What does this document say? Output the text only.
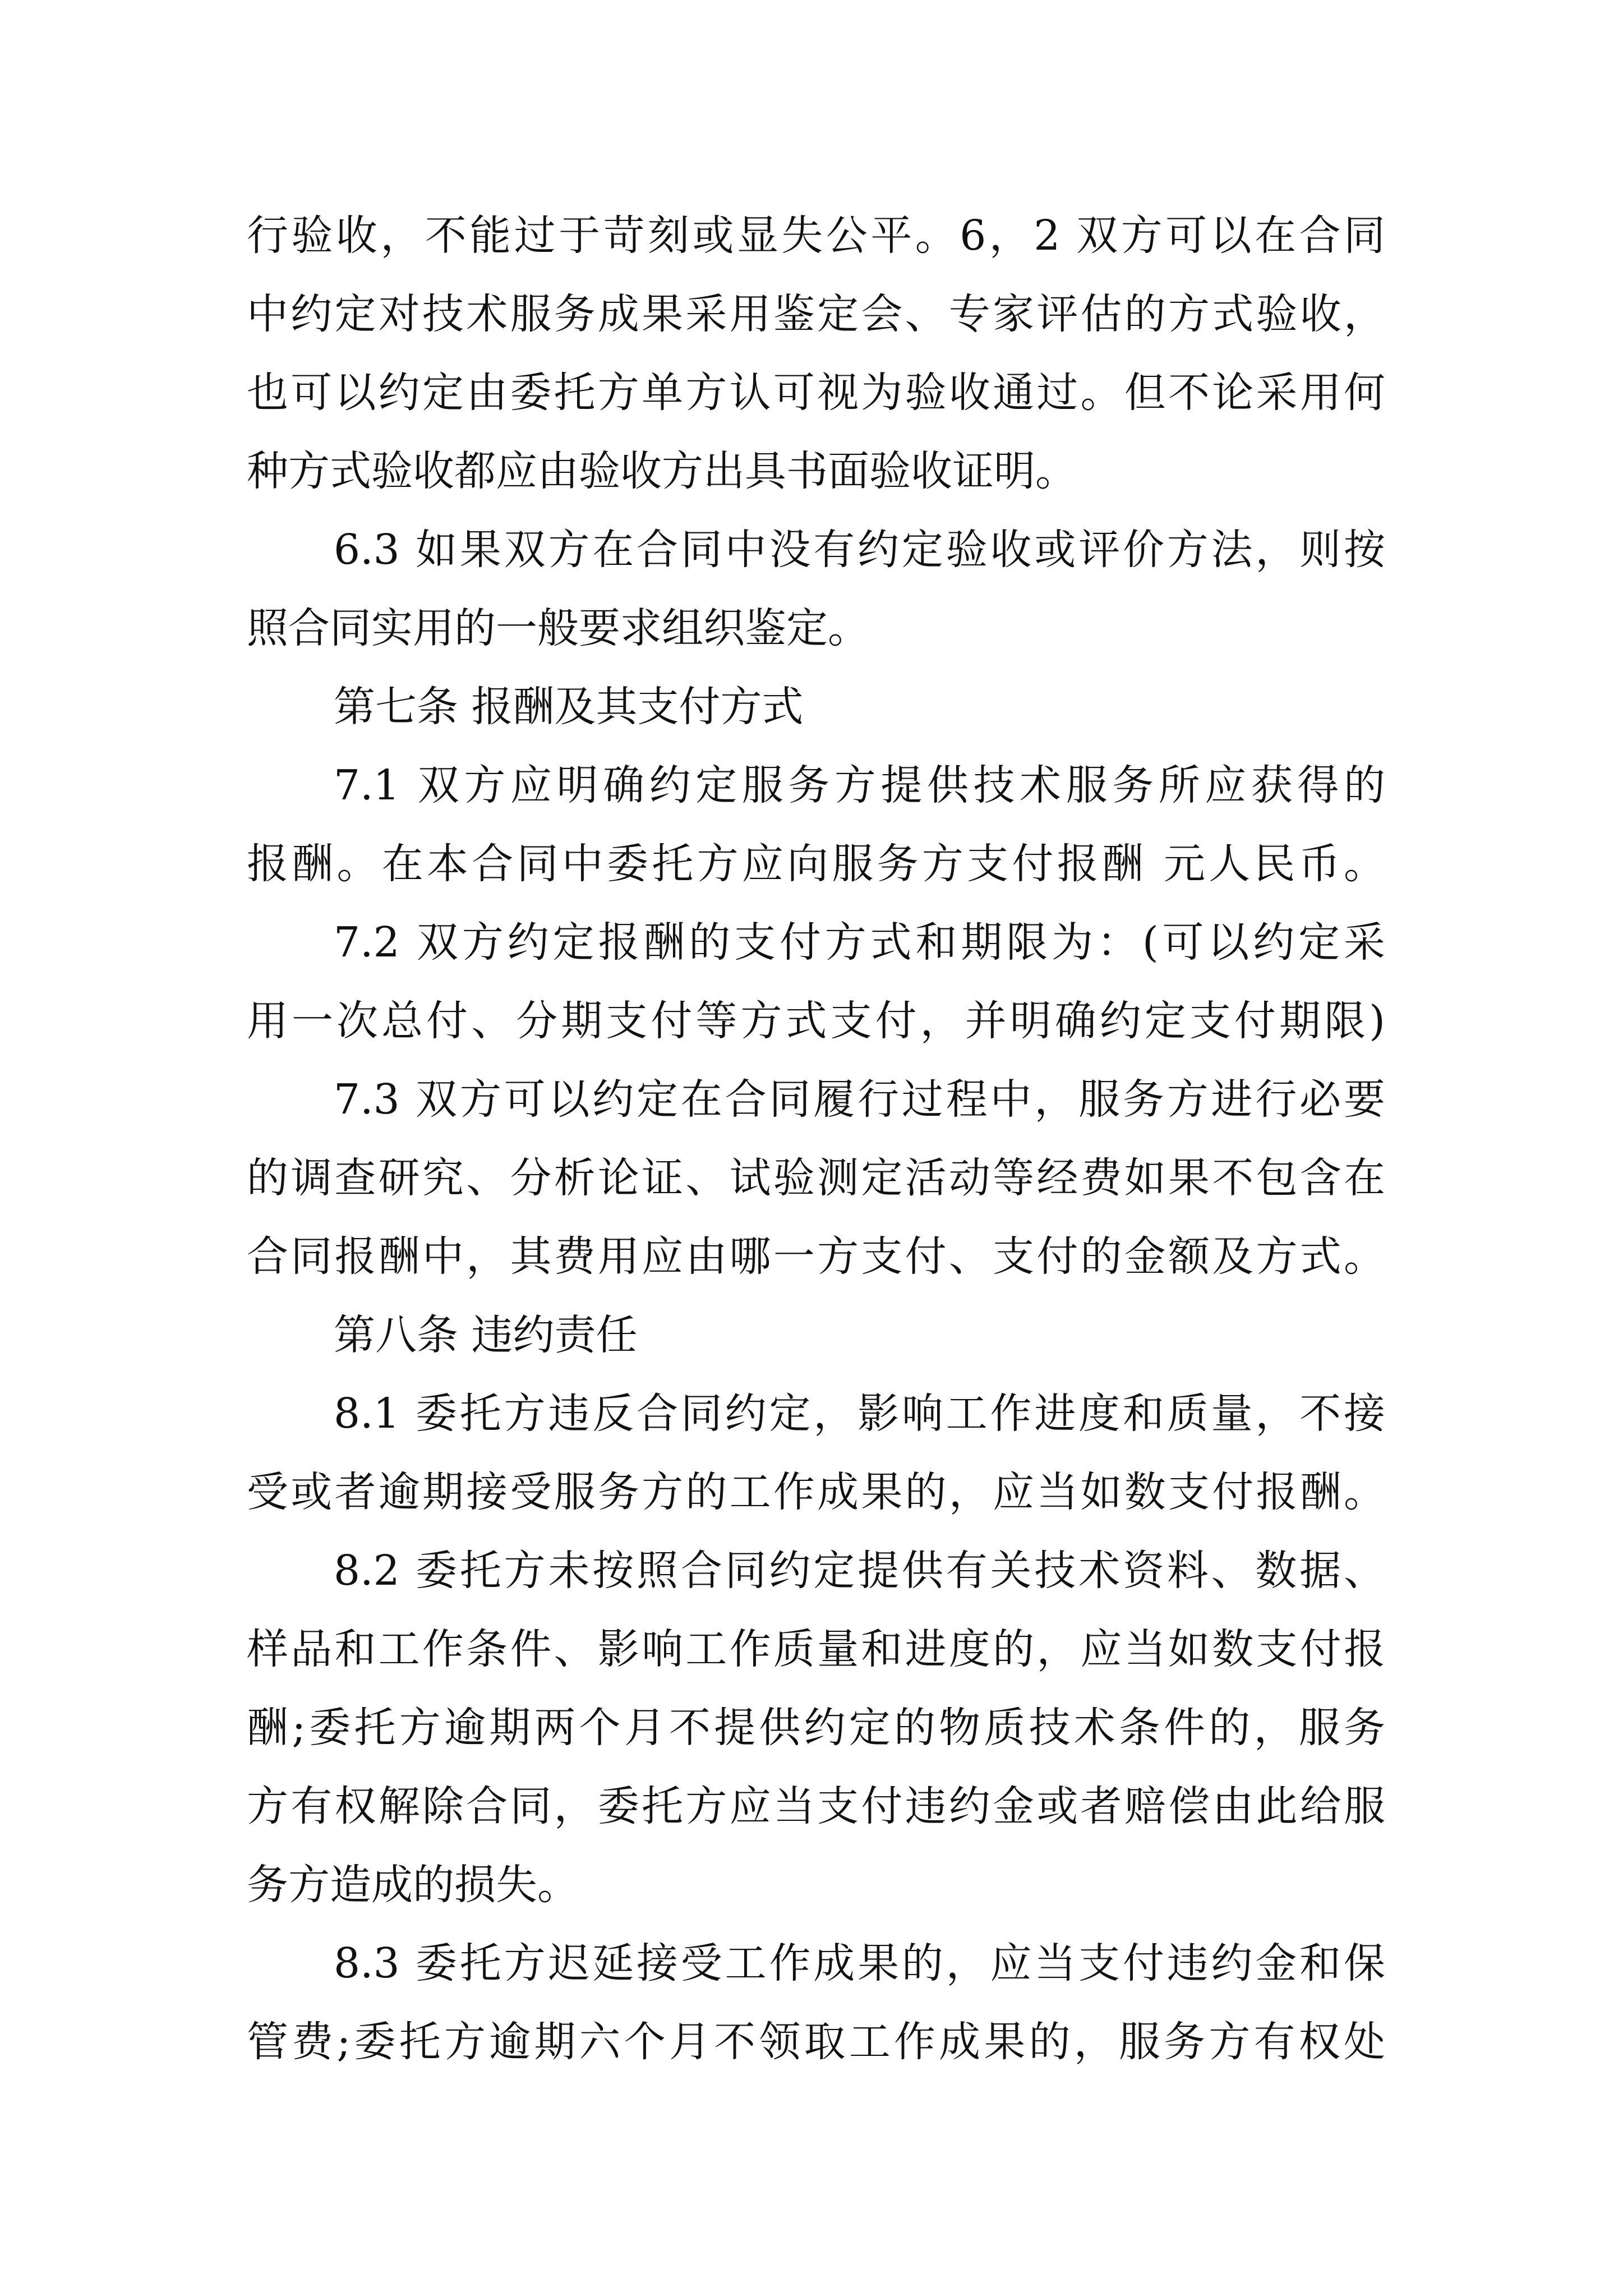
行验收，不能过于苛刻或显失公平。6，2 双方可以在合同
中约定对技术服务成果采用鉴定会、专家评估的方式验收，
也可以约定由委托方单方认可视为验收通过。但不论采用何
种方式验收都应由验收方出具书面验收证明。
6.3 如果双方在合同中没有约定验收或评价方法，则按
照合同实用的一般要求组织鉴定。
第七条 报酬及其支付方式
7.1 双方应明确约定服务方提供技术服务所应获得的
报酬。在本合同中委托方应向服务方支付报酬 元人民币。
7.2 双方约定报酬的支付方式和期限为：(可以约定采
用一次总付、分期支付等方式支付，并明确约定支付期限)
7.3 双方可以约定在合同履行过程中，服务方进行必要
的调查研究、分析论证、试验测定活动等经费如果不包含在
合同报酬中，其费用应由哪一方支付、支付的金额及方式。
第八条 违约责任
8.1 委托方违反合同约定，影响工作进度和质量，不接
受或者逾期接受服务方的工作成果的，应当如数支付报酬。
8.2 委托方未按照合同约定提供有关技术资料、数据、
样品和工作条件、影响工作质量和进度的，应当如数支付报
酬;委托方逾期两个月不提供约定的物质技术条件的，服务
方有权解除合同，委托方应当支付违约金或者赔偿由此给服
务方造成的损失。
8.3 委托方迟延接受工作成果的，应当支付违约金和保
管费;委托方逾期六个月不领取工作成果的，服务方有权处
